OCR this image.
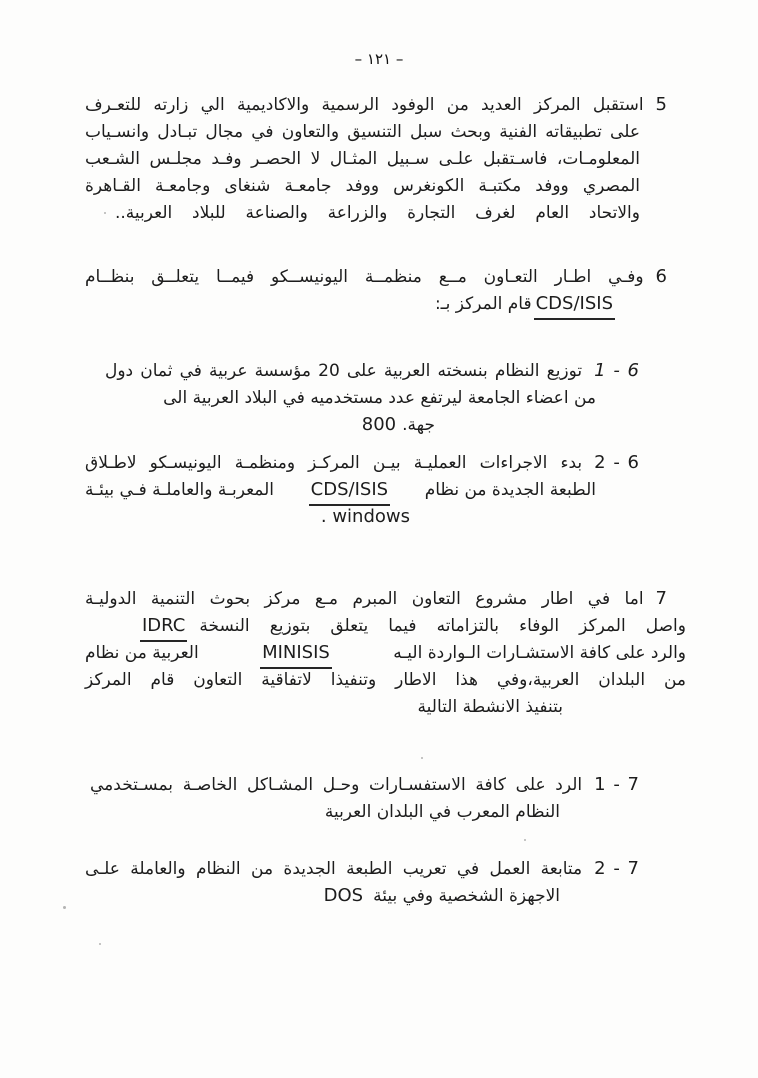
– ١٢١ –
استقبل المركز العديد من الوفود الرسمية والاكاديمية الي زارته للتعـرف 5
على تطبيقاته الفنية وبحث سبل التنسيق والتعاون في مجال تبـادل وانسـياب
المعلومـات، فاسـتقبل علـى سـبيل المثـال لا الحصـر وفـد مجلـس الشـعب
المصري ووفد مكتبـة الكونغرس ووفد جامعـة شنغاى وجامعـة القـاهرة
والاتحاد العام لغرف التجارة والزراعة والصناعة للبلاد العربية..
وفـي اطـار التعـاون مــع منظمــة اليونيســكو فيمــا يتعلــق بنظــام 6
قام المركز بـ: CDS/ISIS
توزيع النظام بنسخته العربية على 20 مؤسسة عربية في ثمان دول 6 - 1
من اعضاء الجامعة ليرتفع عدد مستخدميه في البلاد العربية الى
800 جهة.
بدء الاجراءات العمليـة بيـن المركـز ومنظمـة اليونيسـكو لاطـلاق 6 - 2
المعربـة والعاملـة فـي بيئـة CDS/ISIS الطبعة الجديدة من نظام
windows .
اما في اطار مشروع التعاون المبرم مـع مركز بحوث التنمية الدوليـة 7
IDRC واصل المركز الوفاء بالتزاماته فيما يتعلق بتوزيع النسخة
العربية من نظام	MINISIS	والرد على كافة الاستشـارات الـواردة اليـه
من البلدان العربية،وفي هذا الاطار وتنفيذا لاتفاقية التعاون قام المركز
بتنفيذ الانشطة التالية
الرد على كافة الاستفسـارات وحـل المشـاكل الخاصـة بمسـتخدمي 7 - 1
النظام المعرب في البلدان العربية
متابعة العمل في تعريب الطبعة الجديدة من النظام والعاملة علـى 7 - 2
DOS الاجهزة الشخصية وفي بيئة
